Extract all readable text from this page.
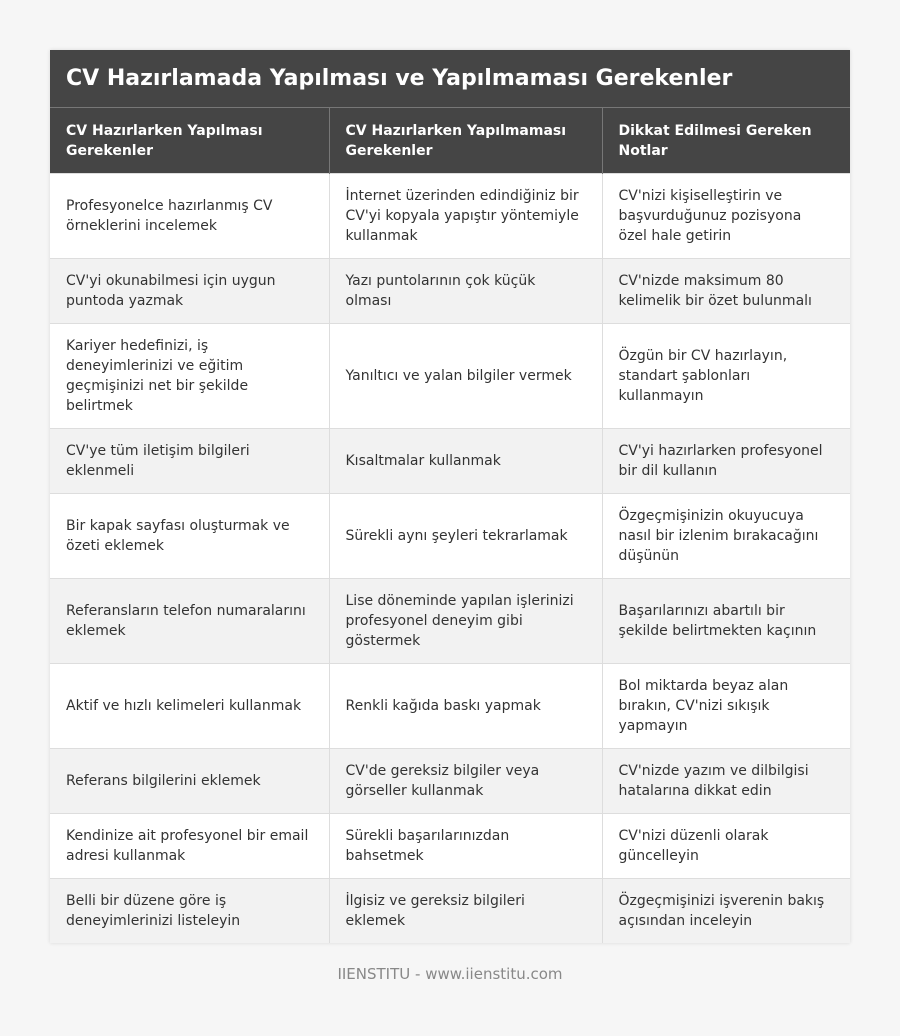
CV Hazırlamada Yapılması ve Yapılmaması Gerekenler
CV Hazırlarken Yapılması Gerekenler	CV Hazırlarken Yapılmaması Gerekenler	Dikkat Edilmesi Gereken Notlar
Profesyonelce hazırlanmış CV örneklerini incelemek	İnternet üzerinden edindiğiniz bir CV'yi kopyala yapıştır yöntemiyle kullanmak	CV'nizi kişiselleştirin ve başvurduğunuz pozisyona özel hale getirin
CV'yi okunabilmesi için uygun puntoda yazmak	Yazı puntolarının çok küçük olması	CV'nizde maksimum 80 kelimelik bir özet bulunmalı
Kariyer hedefinizi, iş deneyimlerinizi ve eğitim geçmişinizi net bir şekilde belirtmek	Yanıltıcı ve yalan bilgiler vermek	Özgün bir CV hazırlayın, standart şablonları kullanmayın
CV'ye tüm iletişim bilgileri eklenmeli	Kısaltmalar kullanmak	CV'yi hazırlarken profesyonel bir dil kullanın
Bir kapak sayfası oluşturmak ve özeti eklemek	Sürekli aynı şeyleri tekrarlamak	Özgeçmişinizin okuyucuya nasıl bir izlenim bırakacağını düşünün
Referansların telefon numaralarını eklemek	Lise döneminde yapılan işlerinizi profesyonel deneyim gibi göstermek	Başarılarınızı abartılı bir şekilde belirtmekten kaçının
Aktif ve hızlı kelimeleri kullanmak	Renkli kağıda baskı yapmak	Bol miktarda beyaz alan bırakın, CV'nizi sıkışık yapmayın
Referans bilgilerini eklemek	CV'de gereksiz bilgiler veya görseller kullanmak	CV'nizde yazım ve dilbilgisi hatalarına dikkat edin
Kendinize ait profesyonel bir email adresi kullanmak	Sürekli başarılarınızdan bahsetmek	CV'nizi düzenli olarak güncelleyin
Belli bir düzene göre iş deneyimlerinizi listeleyin	İlgisiz ve gereksiz bilgileri eklemek	Özgeçmişinizi işverenin bakış açısından inceleyin
IIENSTITU - www.iienstitu.com
